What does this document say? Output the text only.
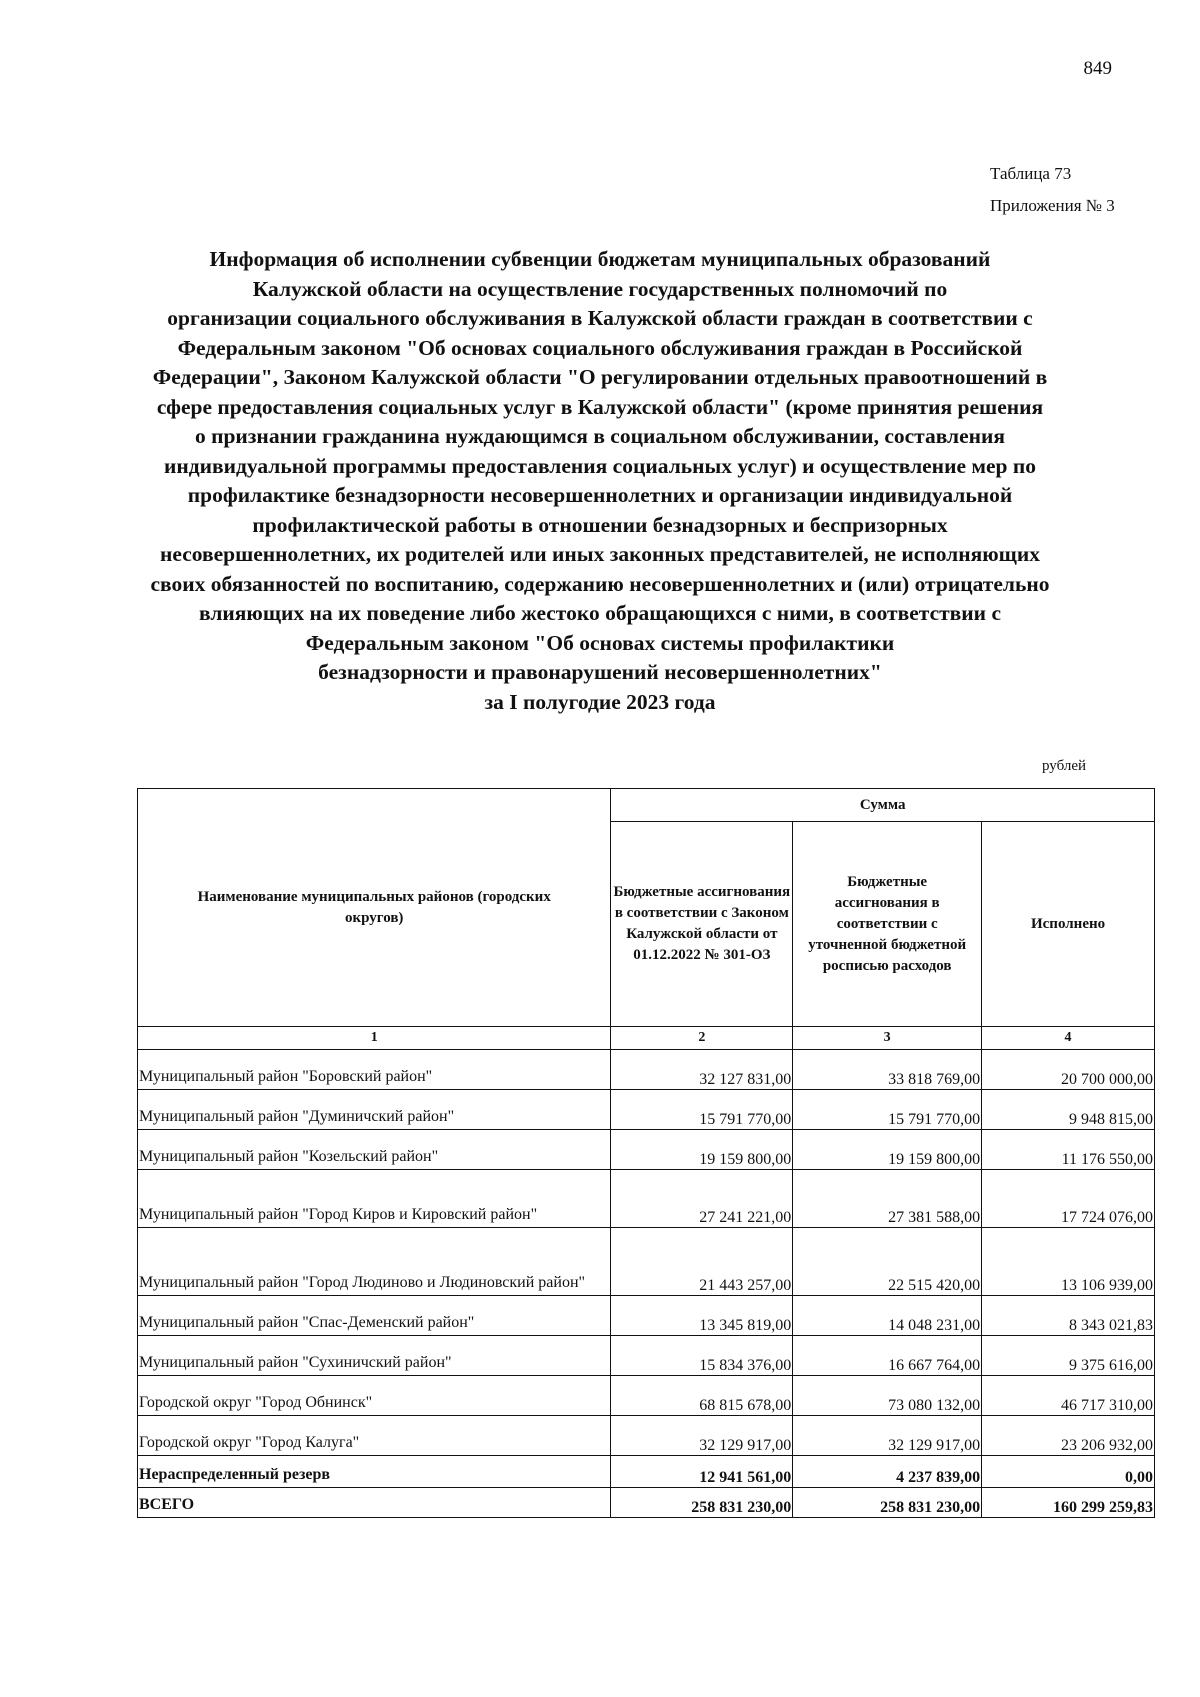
849
Таблица 73
Приложения № 3
Информация об исполнении субвенции бюджетам муниципальных образований
Калужской области на осуществление государственных полномочий по
организации социального обслуживания в Калужской области граждан в соответствии с
Федеральным законом "Об основах социального обслуживания граждан в Российской
Федерации", Законом Калужской области "О регулировании отдельных правоотношений в
сфере предоставления социальных услуг в Калужской области" (кроме принятия решения
о признании гражданина нуждающимся в социальном обслуживании, составления
индивидуальной программы предоставления социальных услуг) и осуществление мер по
профилактике безнадзорности несовершеннолетних и организации индивидуальной
профилактической работы в отношении безнадзорных и беспризорных
несовершеннолетних, их родителей или иных законных представителей, не исполняющих
своих обязанностей по воспитанию, содержанию несовершеннолетних и (или) отрицательно
влияющих на их поведение либо жестоко обращающихся с ними, в соответствии с
Федеральным законом "Об основах системы профилактики
безнадзорности и правонарушений несовершеннолетних"
за I полугодие 2023 года
рублей
Наименование муниципальных районов (городских округов)	Сумма		
	Бюджетные ассигнования в соответствии с Законом Калужской области от 01.12.2022 № 301-ОЗ	Бюджетные ассигнования в соответствии с уточненной бюджетной росписью расходов	Исполнено
1	2	3	4
Муниципальный район "Боровский район"	32 127 831,00	33 818 769,00	20 700 000,00
Муниципальный район "Думиничский район"	15 791 770,00	15 791 770,00	9 948 815,00
Муниципальный район "Козельский район"	19 159 800,00	19 159 800,00	11 176 550,00
Муниципальный район "Город Киров и Кировский район"	27 241 221,00	27 381 588,00	17 724 076,00
Муниципальный район "Город Людиново и Людиновский район"	21 443 257,00	22 515 420,00	13 106 939,00
Муниципальный район "Спас-Деменский район"	13 345 819,00	14 048 231,00	8 343 021,83
Муниципальный район "Сухиничский район"	15 834 376,00	16 667 764,00	9 375 616,00
Городской округ "Город Обнинск"	68 815 678,00	73 080 132,00	46 717 310,00
Городской округ "Город Калуга"	32 129 917,00	32 129 917,00	23 206 932,00
Нераспределенный резерв	12 941 561,00	4 237 839,00	0,00
ВСЕГО	258 831 230,00	258 831 230,00	160 299 259,83
